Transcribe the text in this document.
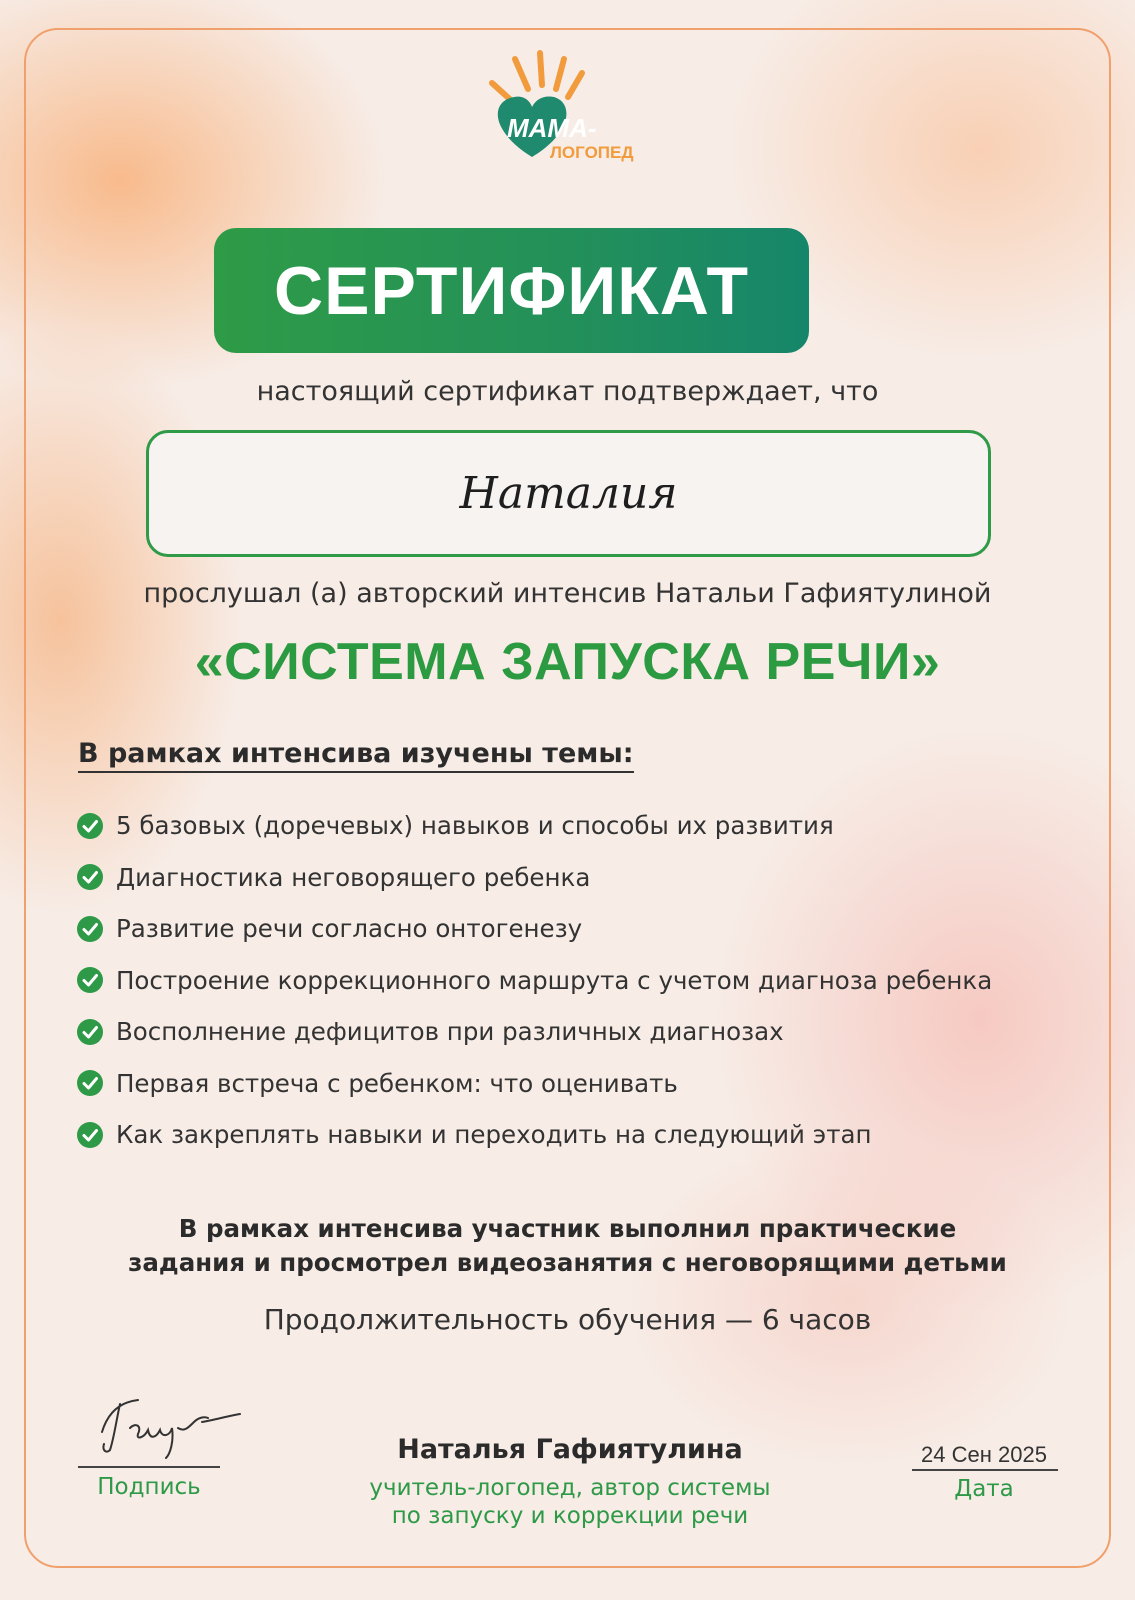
МАМА-
ЛОГОПЕД
СЕРТИФИКАТ
настоящий сертификат подтверждает, что
Наталия
прослушал (а) авторский интенсив Натальи Гафиятулиной
«СИСТЕМА ЗАПУСКА РЕЧИ»
В рамках интенсива изучены темы:
5 базовых (доречевых) навыков и способы их развития
Диагностика неговорящего ребенка
Развитие речи согласно онтогенезу
Построение коррекционного маршрута с учетом диагноза ребенка
Восполнение дефицитов при различных диагнозах
Первая встреча с ребенком: что оценивать
Как закреплять навыки и переходить на следующий этап
В рамках интенсива участник выполнил практические
задания и просмотрел видеозанятия с неговорящими детьми
Продолжительность обучения — 6 часов
Подпись
Наталья Гафиятулина
учитель-логопед, автор системы
по запуску и коррекции речи
24 Сен 2025
Дата
